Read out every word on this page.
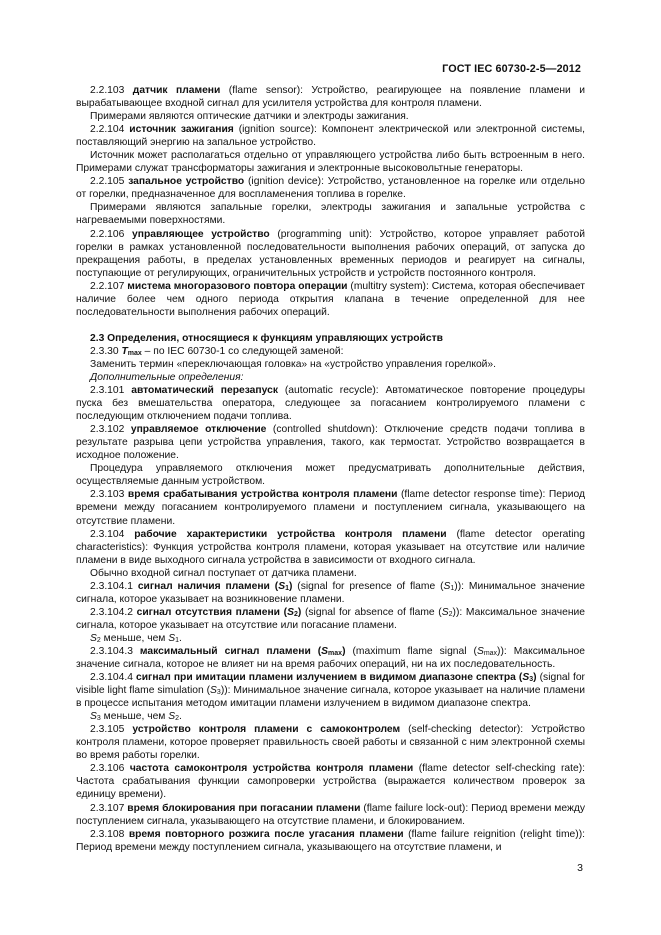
ГОСТ IEC 60730-2-5—2012

2.2.103 датчик пламени (flame sensor): Устройство, реагирующее на появление пламени и вырабатывающее входной сигнал для усилителя устройства для контроля пламени.

Примерами являются оптические датчики и электроды зажигания.

2.2.104 источник зажигания (ignition source): Компонент электрической или электронной системы, поставляющий энергию на запальное устройство.

Источник может располагаться отдельно от управляющего устройства либо быть встроенным в него. Примерами служат трансформаторы зажигания и электронные высоковольтные генераторы.

2.2.105 запальное устройство (ignition device): Устройство, установленное на горелке или отдельно от горелки, предназначенное для воспламенения топлива в горелке.

Примерами являются запальные горелки, электроды зажигания и запальные устройства с нагреваемыми поверхностями.

2.2.106 управляющее устройство (programming unit): Устройство, которое управляет работой горелки в рамках установленной последовательности выполнения рабочих операций, от запуска до прекращения работы, в пределах установленных временных периодов и реагирует на сигналы, поступающие от регулирующих, ограничительных устройств и устройств постоянного контроля.

2.2.107 мистема многоразового повтора операции (multitry system): Система, которая обеспечивает наличие более чем одного периода открытия клапана в течение определенной для нее последовательности выполнения рабочих операций.

2.3 Определения, относящиеся к функциям управляющих устройств

2.3.30 $T_{max}$ – по IEC 60730-1 со следующей заменой:

Заменить термин «переключающая головка» на «устройство управления горелкой».

Дополнительные определения:

2.3.101 автоматический перезапуск (automatic recycle): Автоматическое повторение процедуры пуска без вмешательства оператора, следующее за погасанием контролируемого пламени с последующим отключением подачи топлива.

2.3.102 управляемое отключение (controlled shutdown): Отключение средств подачи топлива в результате разрыва цепи устройства управления, такого, как термостат. Устройство возвращается в исходное положение.

Процедура управляемого отключения может предусматривать дополнительные действия, осуществляемые данным устройством.

2.3.103 время срабатывания устройства контроля пламени (flame detector response time): Период времени между погасанием контролируемого пламени и поступлением сигнала, указывающего на отсутствие пламени.

2.3.104 рабочие характеристики устройства контроля пламени (flame detector operating characteristics): Функция устройства контроля пламени, которая указывает на отсутствие или наличие пламени в виде выходного сигнала устройства в зависимости от входного сигнала.

Обычно входной сигнал поступает от датчика пламени.

2.3.104.1 сигнал наличия пламени $(S_1)$ (signal for presence of flame $(S_1)$): Минимальное значение сигнала, которое указывает на возникновение пламени.

2.3.104.2 сигнал отсутствия пламени $(S_2)$ (signal for absence of flame $(S_2)$): Максимальное значение сигнала, которое указывает на отсутствие или погасание пламени.

$S_2$ меньше, чем $S_1$.

2.3.104.3 максимальный сигнал пламени $(S_{max})$ (maximum flame signal $(S_{max})$): Максимальное значение сигнала, которое не влияет ни на время рабочих операций, ни на их последовательность.

2.3.104.4 сигнал при имитации пламени излучением в видимом диапазоне спектра $(S_3)$ (signal for visible light flame simulation $(S_3)$): Минимальное значение сигнала, которое указывает на наличие пламени в процессе испытания методом имитации пламени излучением в видимом диапазоне спектра.

$S_3$ меньше, чем $S_2$.

2.3.105 устройство контроля пламени с самоконтролем (self-checking detector): Устройство контроля пламени, которое проверяет правильность своей работы и связанной с ним электронной схемы во время работы горелки.

2.3.106 частота самоконтроля устройства контроля пламени (flame detector self-checking rate): Частота срабатывания функции самопроверки устройства (выражается количеством проверок за единицу времени).

2.3.107 время блокирования при погасании пламени (flame failure lock-out): Период времени между поступлением сигнала, указывающего на отсутствие пламени, и блокированием.

2.3.108 время повторного розжига после угасания пламени (flame failure reignition (relight time)): Период времени между поступлением сигнала, указывающего на отсутствие пламени, и

3
